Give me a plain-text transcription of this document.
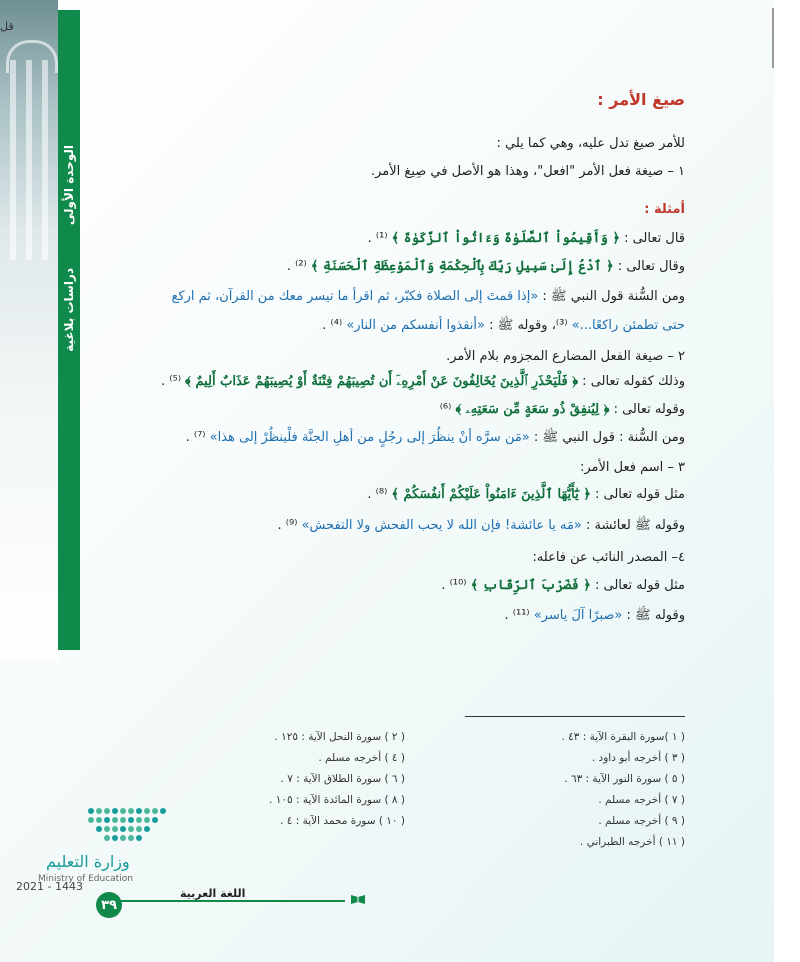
قل
الوحدة الأولى
دراسات بلاغية
صيغ الأمر :
للأمر صيغ تدل عليه، وهي كما يلي :
١ – صيغة فعل الأمر "افعل"، وهذا هو الأصل في صِيغ الأمر.
أمثلة :
قال تعالى : ﴿ وَأَقِيمُواْ ٱلصَّلَوٰةَ وَءَاتُواْ ٱلزَّكَوٰةَ ﴾ ⁽¹⁾ .
وقال تعالى : ﴿ ٱدْعُ إِلَىٰ سَبِيلِ رَبِّكَ بِٱلْحِكْمَةِ وَٱلْمَوْعِظَةِ ٱلْحَسَنَةِ ﴾ ⁽²⁾ .
ومن السُّنة قول النبي ﷺ : «إذا قمتَ إلى الصلاة فكبّر، ثم اقرأ ما تيسر معك من القرآن، ثم اركع
حتى تطمئن راكعًا...» ⁽³⁾، وقوله ﷺ : «أنقذوا أنفسكم من النار» ⁽⁴⁾ .
٢ – صيغة الفعل المضارع المجزوم بلام الأمر.
وذلك كقوله تعالى : ﴿ فَلْيَحْذَرِ ٱلَّذِينَ يُخَالِفُونَ عَنْ أَمْرِهِۦٓ أَن تُصِيبَهُمْ فِتْنَةٌ أَوْ يُصِيبَهُمْ عَذَابٌ أَلِيمٌ ﴾ ⁽⁵⁾ .
وقوله تعالى : ﴿ لِيُنفِقْ ذُو سَعَةٍ مِّن سَعَتِهِۦ ﴾ ⁽⁶⁾
ومن السُّنة : قول النبي ﷺ : «مَن سرَّه أنْ ينظُرَ إلى رجُلٍ من أهلِ الجنَّة فلْينظُرْ إلى هذا» ⁽⁷⁾ .
٣ – اسم فعل الأمر:
مثل قوله تعالى : ﴿ يَٰٓأَيُّهَا ٱلَّذِينَ ءَامَنُواْ عَلَيْكُمْ أَنفُسَكُمْ ﴾ ⁽⁸⁾ .
وقوله ﷺ لعائشة : «مَه يا عائشة! فإن الله لا يحب الفحش ولا التفحش» ⁽⁹⁾ .
٤– المصدر النائب عن فاعله:
مثل قوله تعالى : ﴿ فَضَرْبَ ٱلرِّقَابِ ﴾ ⁽¹⁰⁾ .
وقوله ﷺ : «صبرًا آلَ ياسر» ⁽¹¹⁾ .
( ١ )سورة البقرة الآية : ٤٣ .
( ٣ ) أخرجه أبو داود .
( ٥ ) سورة النور الآية : ٦٣ .
( ٧ ) أخرجه مسلم .
( ٩ ) أخرجه مسلم .
( ١١ ) أخرجه الطبراني .
( ٢ ) سورة النحل الآية : ١٢٥ .
( ٤ ) أخرجه مسلم .
( ٦ ) سورة الطلاق الآية : ٧ .
( ٨ ) سورة المائدة الآية : ١٠٥ .
( ١٠ ) سورة محمد الآية : ٤ .
وزارة التعليم
Ministry of Education
2021 - 1443
٣٩
اللغة العربية
